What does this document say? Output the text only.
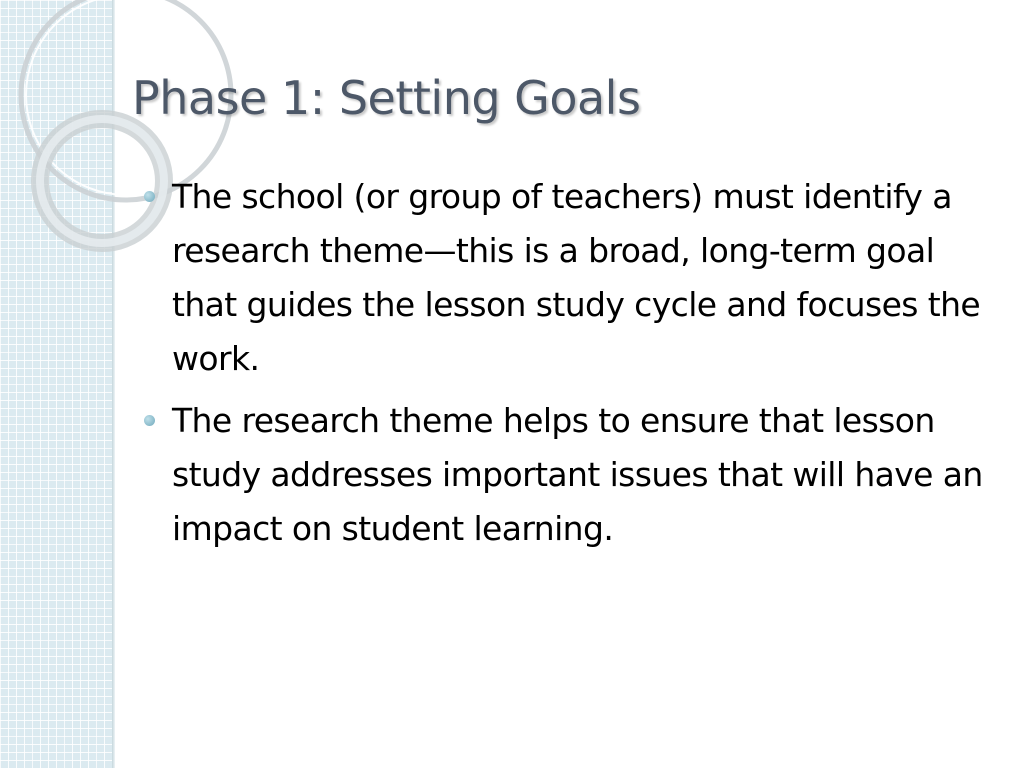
Phase 1: Setting Goals
The school (or group of teachers) must identify a research theme—this is a broad, long-term goal that guides the lesson study cycle and focuses the work.
The research theme helps to ensure that lesson study addresses important issues that will have an impact on student learning.
